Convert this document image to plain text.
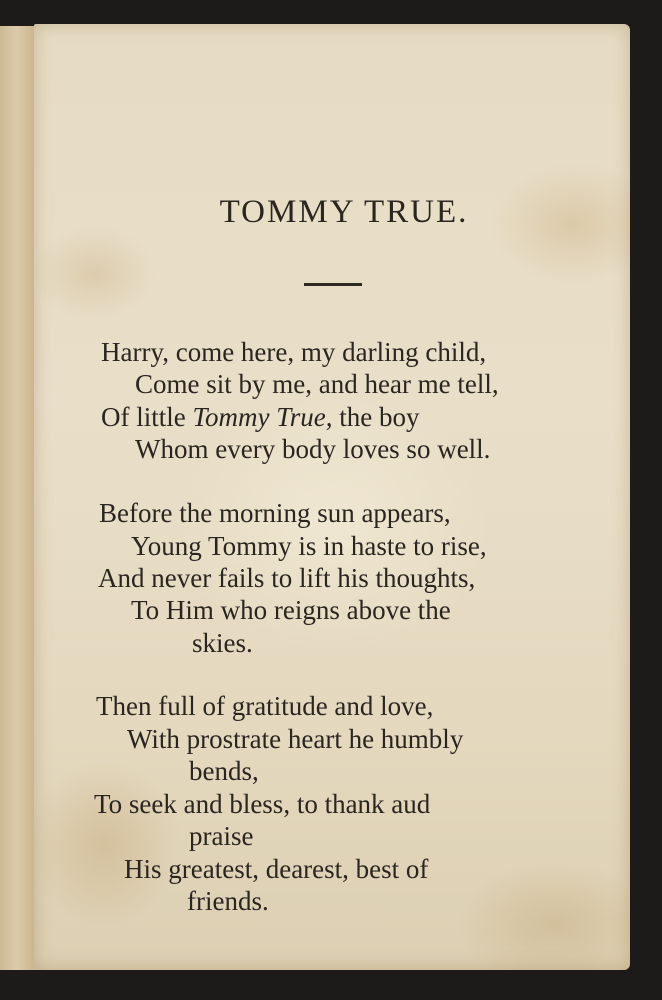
TOMMY TRUE.
Harry, come here, my darling child,
Come sit by me, and hear me tell,
Of little Tommy True, the boy
Whom every body loves so well.
Before the morning sun appears,
Young Tommy is in haste to rise,
And never fails to lift his thoughts,
To Him who reigns above the
skies.
Then full of gratitude and love,
With prostrate heart he humbly
bends,
To seek and bless, to thank aud
praise
His greatest, dearest, best of
friends.
